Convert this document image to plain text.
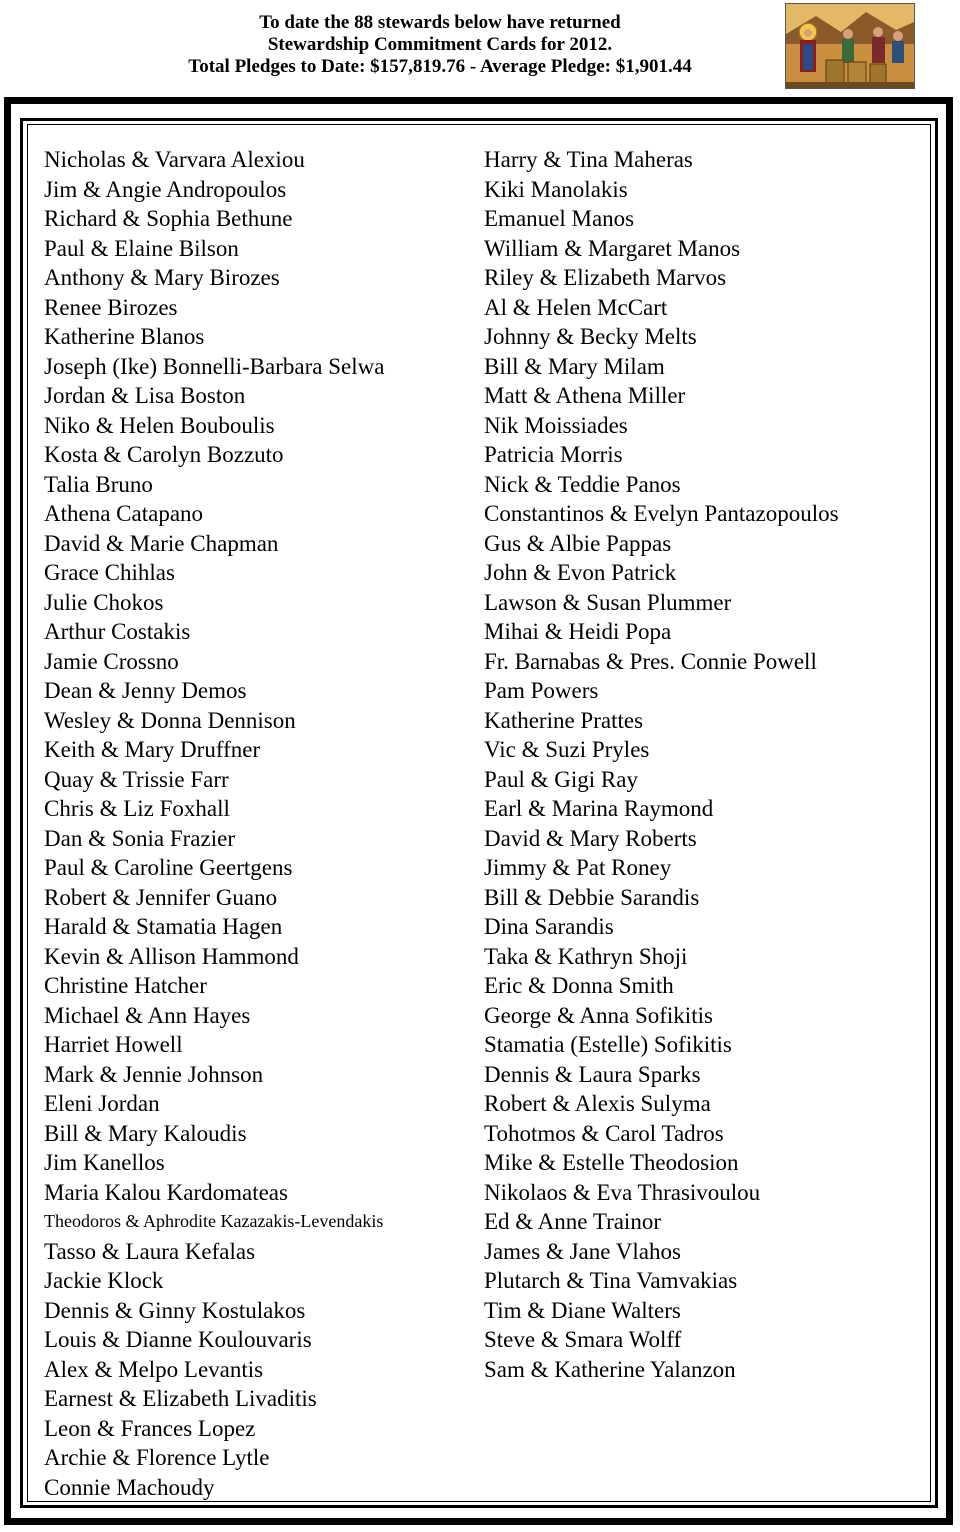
To date the 88 stewards below have returned
Stewardship Commitment Cards for 2012.
Total Pledges to Date: $157,819.76 - Average Pledge: $1,901.44
Nicholas & Varvara Alexiou
Jim & Angie Andropoulos
Richard & Sophia Bethune
Paul & Elaine Bilson
Anthony & Mary Birozes
Renee Birozes
Katherine Blanos
Joseph (Ike) Bonnelli-Barbara Selwa
Jordan & Lisa Boston
Niko & Helen Bouboulis
Kosta & Carolyn Bozzuto
Talia Bruno
Athena Catapano
David & Marie Chapman
Grace Chihlas
Julie Chokos
Arthur Costakis
Jamie Crossno
Dean & Jenny Demos
Wesley & Donna Dennison
Keith & Mary Druffner
Quay & Trissie Farr
Chris & Liz Foxhall
Dan & Sonia Frazier
Paul & Caroline Geertgens
Robert & Jennifer Guano
Harald & Stamatia Hagen
Kevin & Allison Hammond
Christine Hatcher
Michael & Ann Hayes
Harriet Howell
Mark & Jennie Johnson
Eleni Jordan
Bill & Mary Kaloudis
Jim Kanellos
Maria Kalou Kardomateas
Theodoros & Aphrodite Kazazakis-Levendakis
Tasso & Laura Kefalas
Jackie Klock
Dennis & Ginny Kostulakos
Louis & Dianne Koulouvaris
Alex & Melpo Levantis
Earnest & Elizabeth Livaditis
Leon & Frances Lopez
Archie & Florence Lytle
Connie Machoudy
Harry & Tina Maheras
Kiki Manolakis
Emanuel Manos
William & Margaret Manos
Riley & Elizabeth Marvos
Al & Helen McCart
Johnny & Becky Melts
Bill & Mary Milam
Matt & Athena Miller
Nik Moissiades
Patricia Morris
Nick & Teddie Panos
Constantinos & Evelyn Pantazopoulos
Gus & Albie Pappas
John & Evon Patrick
Lawson & Susan Plummer
Mihai & Heidi Popa
Fr. Barnabas & Pres. Connie Powell
Pam Powers
Katherine Prattes
Vic & Suzi Pryles
Paul & Gigi Ray
Earl & Marina Raymond
David & Mary Roberts
Jimmy & Pat Roney
Bill & Debbie Sarandis
Dina Sarandis
Taka & Kathryn Shoji
Eric & Donna Smith
George & Anna Sofikitis
Stamatia (Estelle) Sofikitis
Dennis & Laura Sparks
Robert & Alexis Sulyma
Tohotmos & Carol Tadros
Mike & Estelle Theodosion
Nikolaos & Eva Thrasivoulou
Ed & Anne Trainor
James & Jane Vlahos
Plutarch & Tina Vamvakias
Tim & Diane Walters
Steve & Smara Wolff
Sam & Katherine Yalanzon
